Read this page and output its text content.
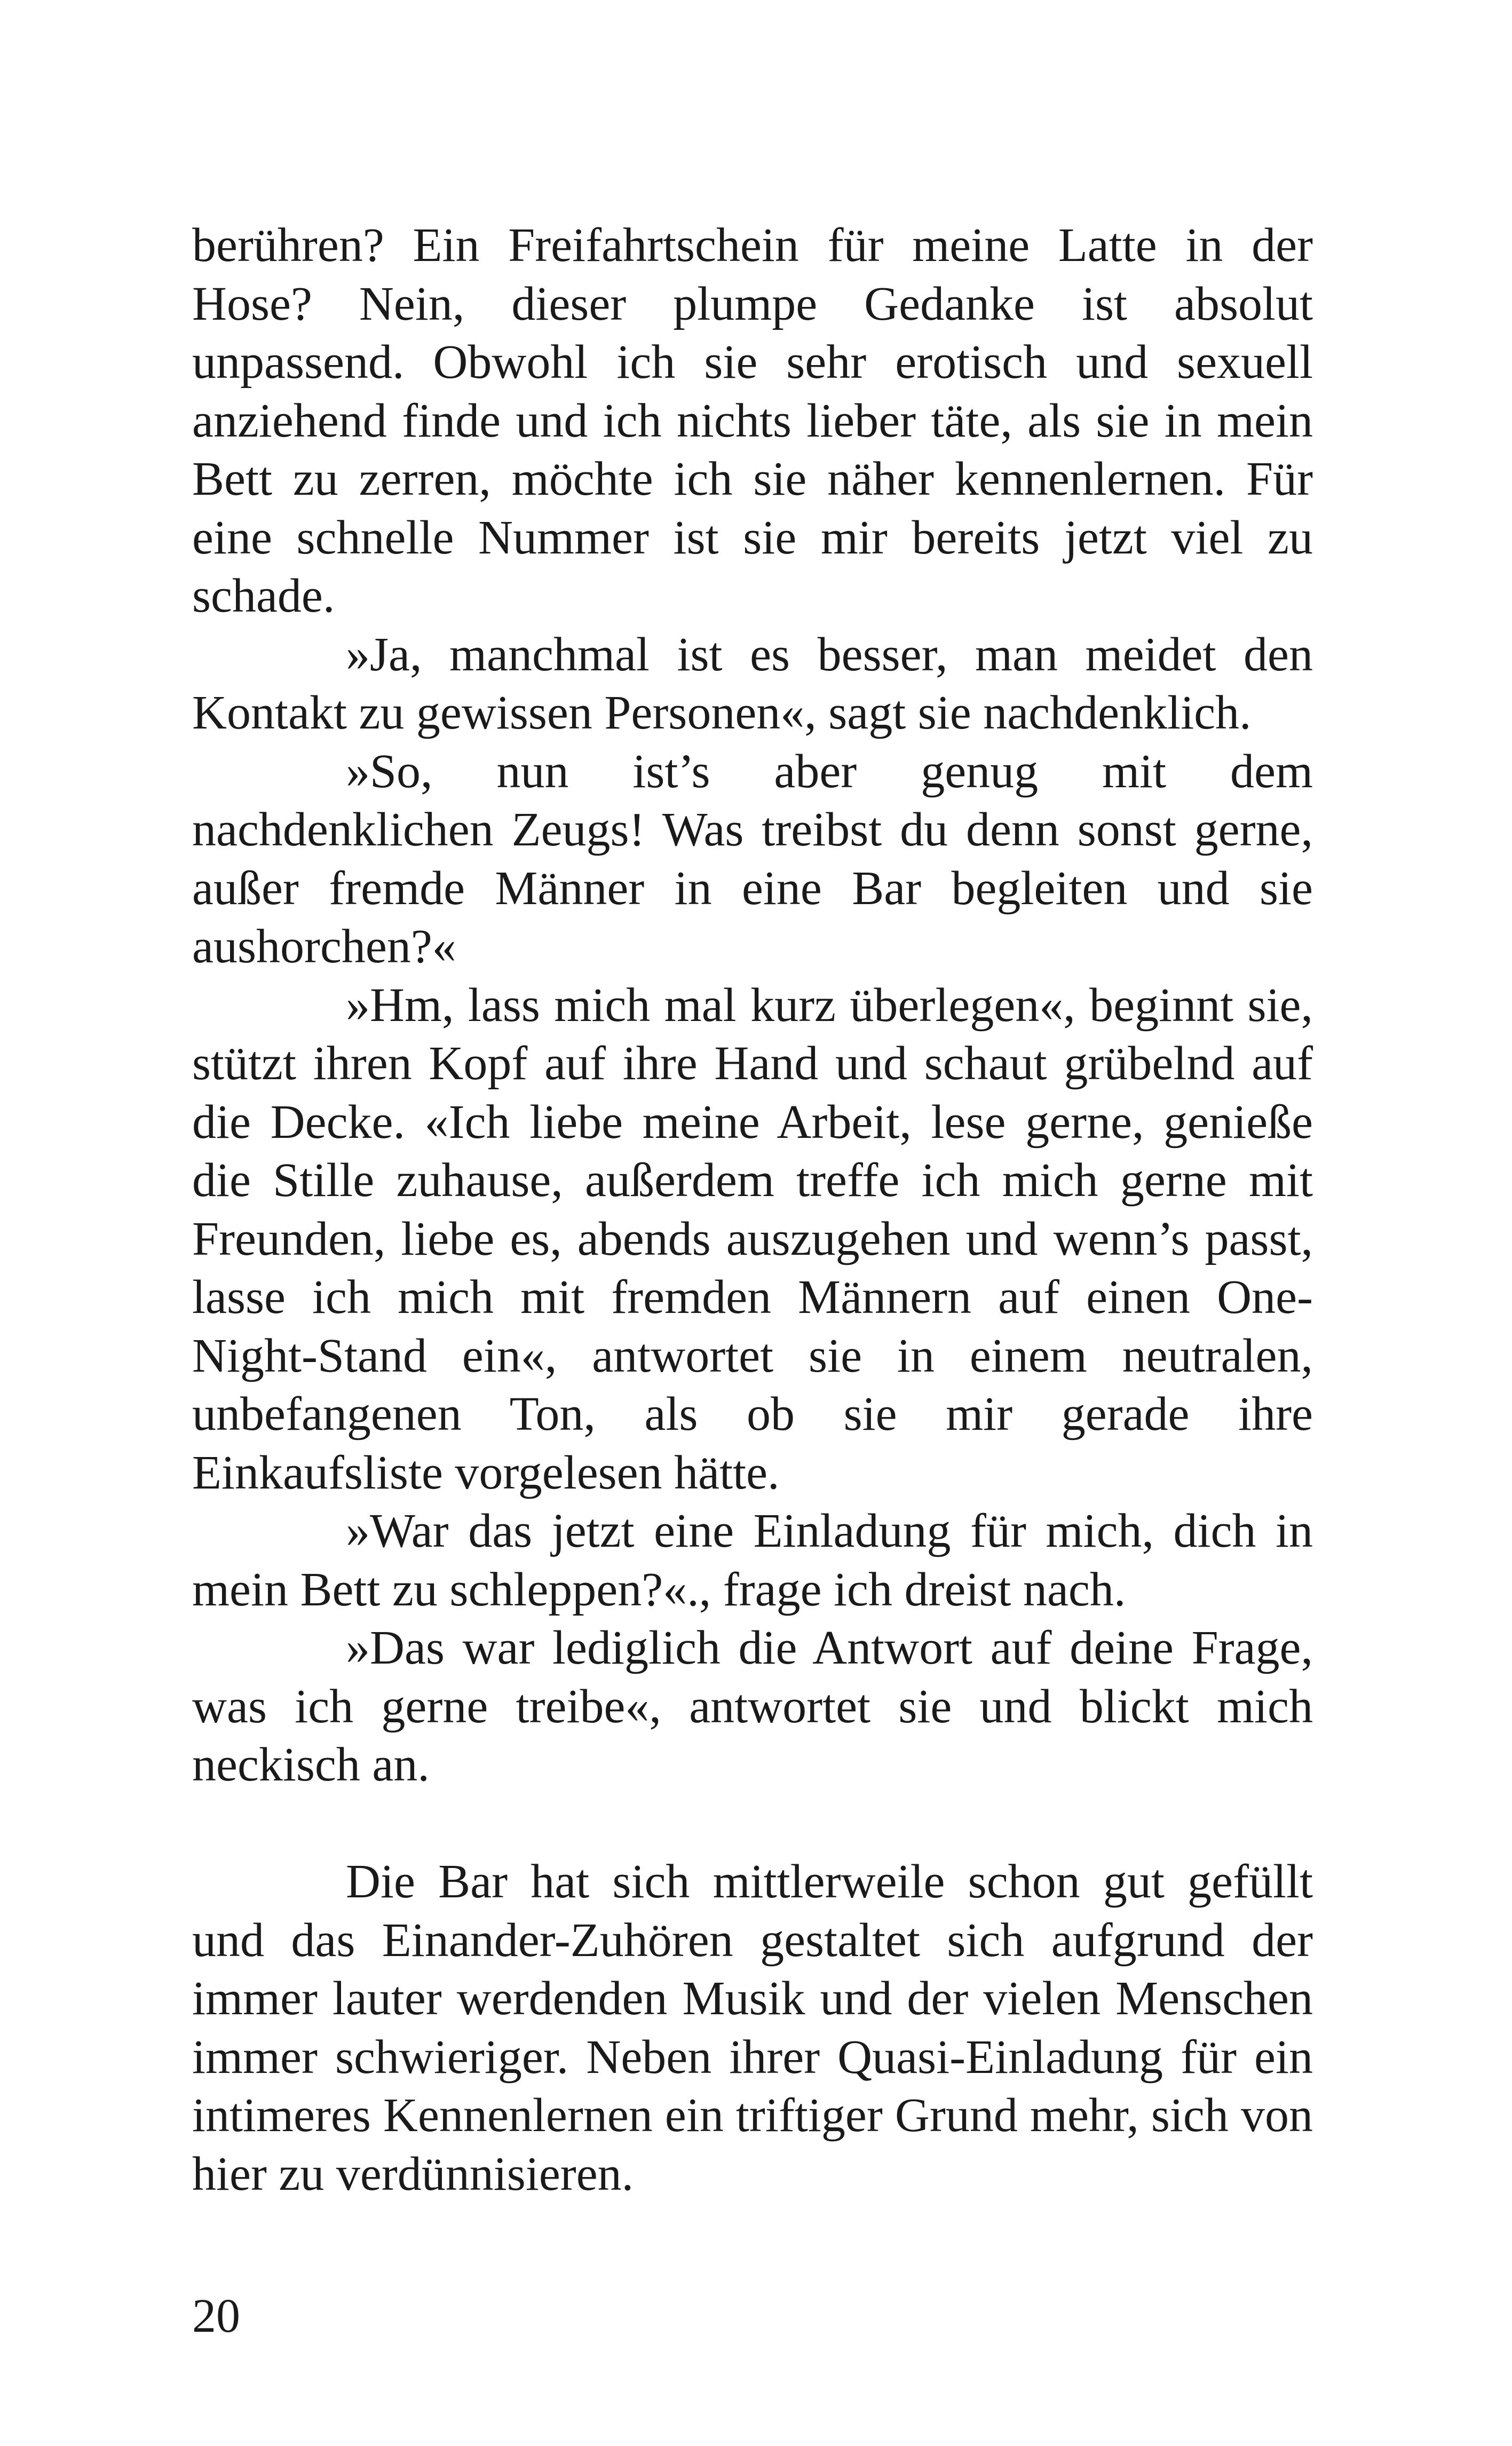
berühren? Ein Freifahrtschein für meine Latte in der Hose? Nein, dieser plumpe Gedanke ist absolut unpassend. Obwohl ich sie sehr erotisch und sexuell anziehend finde und ich nichts lieber täte, als sie in mein Bett zu zerren, möchte ich sie näher kennenlernen. Für eine schnelle Nummer ist sie mir bereits jetzt viel zu schade.

»Ja, manchmal ist es besser, man meidet den Kontakt zu gewissen Personen«, sagt sie nachdenklich.

»So, nun ist’s aber genug mit dem nachdenklichen Zeugs! Was treibst du denn sonst gerne, außer fremde Männer in eine Bar begleiten und sie aushorchen?«

»Hm, lass mich mal kurz überlegen«, beginnt sie, stützt ihren Kopf auf ihre Hand und schaut grübelnd auf die Decke. «Ich liebe meine Arbeit, lese gerne, genieße die Stille zuhause, außerdem treffe ich mich gerne mit Freunden, liebe es, abends auszugehen und wenn’s passt, lasse ich mich mit fremden Männern auf einen One-Night-Stand ein«, antwortet sie in einem neutralen, unbefangenen Ton, als ob sie mir gerade ihre Einkaufsliste vorgelesen hätte.

»War das jetzt eine Einladung für mich, dich in mein Bett zu schleppen?«., frage ich dreist nach.

»Das war lediglich die Antwort auf deine Frage, was ich gerne treibe«, antwortet sie und blickt mich neckisch an.

Die Bar hat sich mittlerweile schon gut gefüllt und das Einander-Zuhören gestaltet sich aufgrund der immer lauter werdenden Musik und der vielen Menschen immer schwieriger. Neben ihrer Quasi-Einladung für ein intimeres Kennenlernen ein triftiger Grund mehr, sich von hier zu verdünnisieren.

20
